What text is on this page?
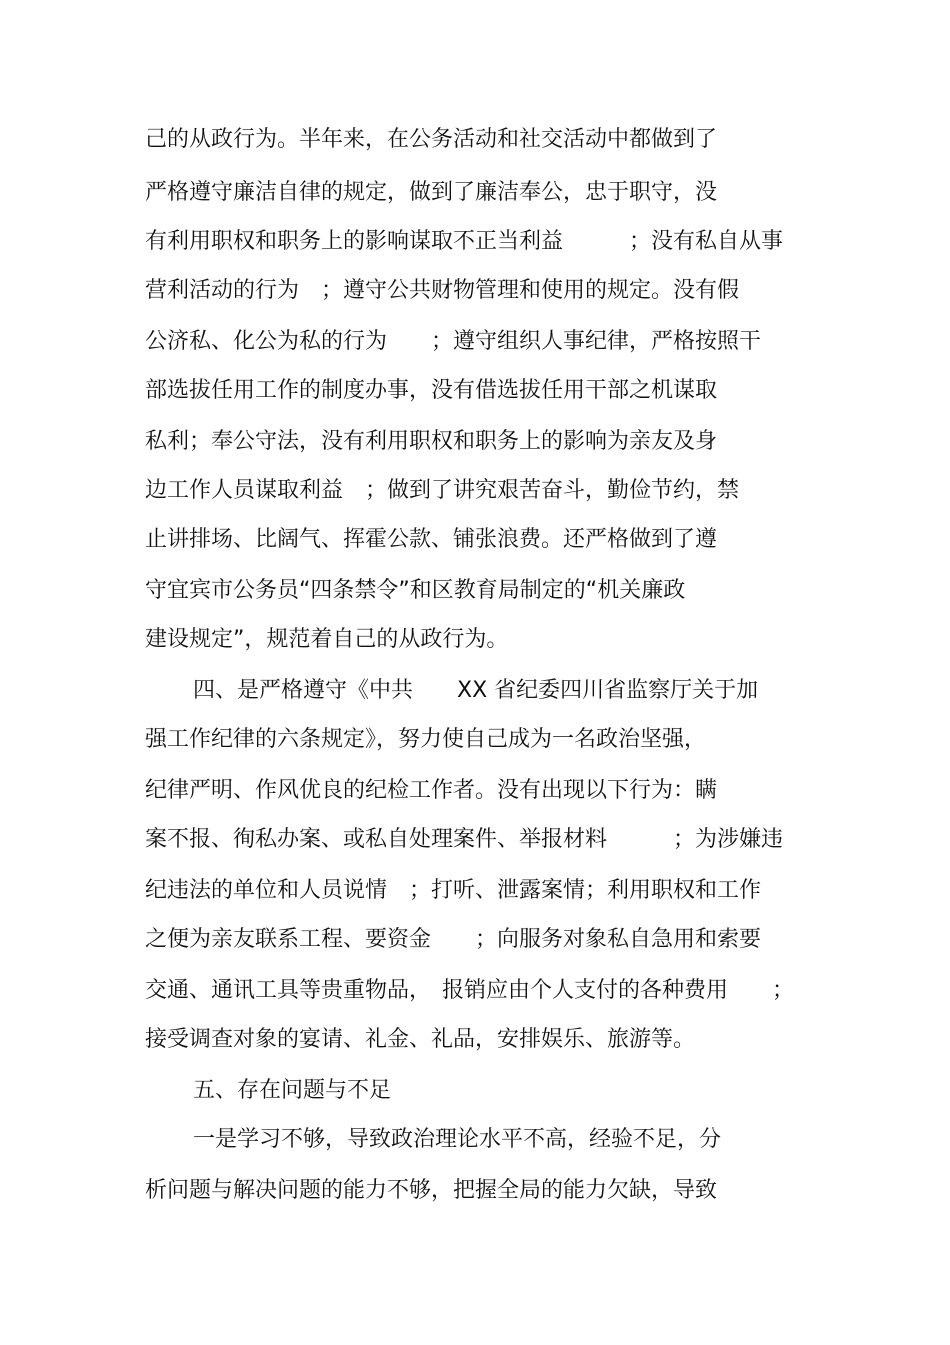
己的从政行为。半年来，在公务活动和社交活动中都做到了
严格遵守廉洁自律的规定，做到了廉洁奉公，忠于职守，没
有利用职权和职务上的影响谋取不正当利益　　　；没有私自从事
营利活动的行为　；遵守公共财物管理和使用的规定。没有假
公济私、化公为私的行为　　；遵守组织人事纪律，严格按照干
部选拔任用工作的制度办事，没有借选拔任用干部之机谋取
私利；奉公守法，没有利用职权和职务上的影响为亲友及身
边工作人员谋取利益　；做到了讲究艰苦奋斗，勤俭节约，禁
止讲排场、比阔气、挥霍公款、铺张浪费。还严格做到了遵
守宜宾市公务员“四条禁令”和区教育局制定的“机关廉政
建设规定”，规范着自己的从政行为。
四、是严格遵守《中共　　XX 省纪委四川省监察厅关于加
强工作纪律的六条规定》，努力使自己成为一名政治坚强，
纪律严明、作风优良的纪检工作者。没有出现以下行为：瞒
案不报、徇私办案、或私自处理案件、举报材料　　　；为涉嫌违
纪违法的单位和人员说情　；打听、泄露案情；利用职权和工作
之便为亲友联系工程、要资金　　；向服务对象私自急用和索要
交通、通讯工具等贵重物品，　报销应由个人支付的各种费用　　；
接受调查对象的宴请、礼金、礼品，安排娱乐、旅游等。
五、存在问题与不足
一是学习不够，导致政治理论水平不高，经验不足，分
析问题与解决问题的能力不够，把握全局的能力欠缺，导致
